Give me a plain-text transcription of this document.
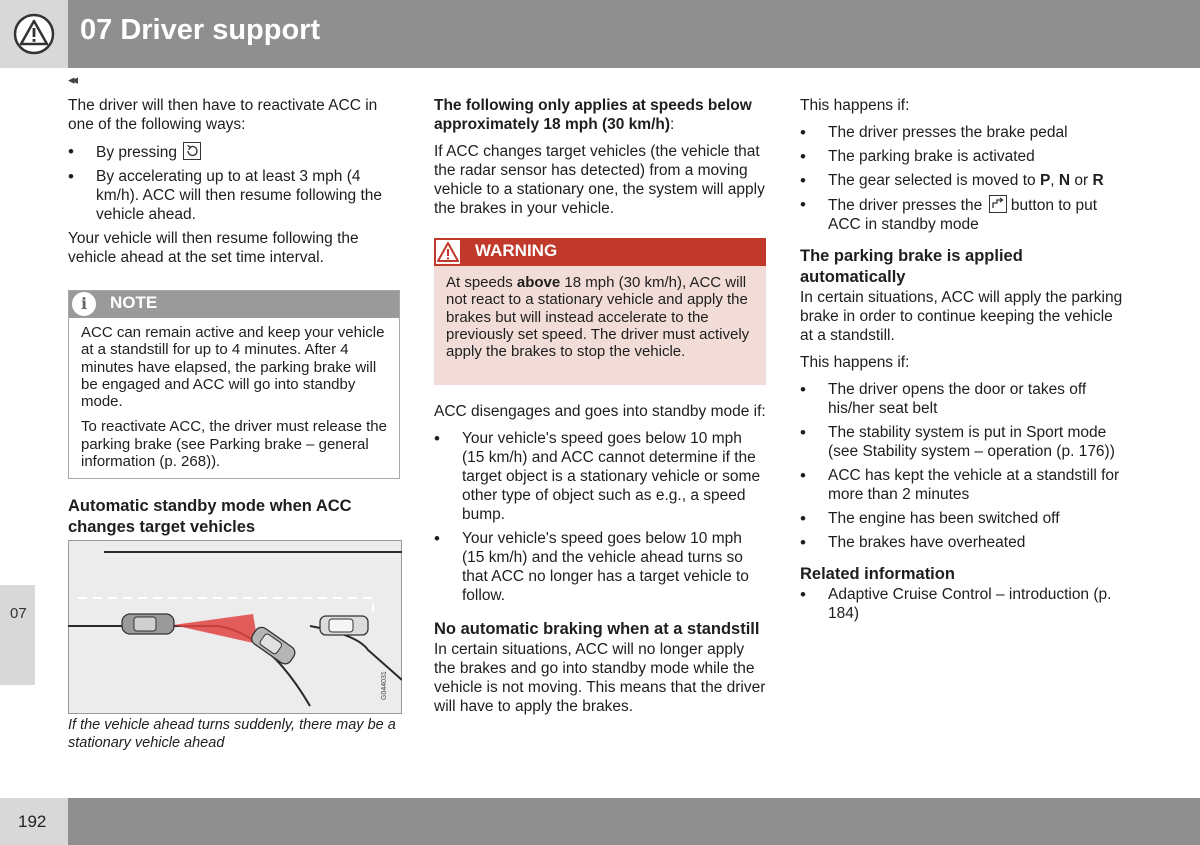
07 Driver support
◂◂
07
192

The driver will then have to reactivate ACC in one of the following ways:

• By pressing
• By accelerating up to at least 3 mph (4 km/h). ACC will then resume following the vehicle ahead.

Your vehicle will then resume following the vehicle ahead at the set time interval.

i	NOTE

ACC can remain active and keep your vehicle at a standstill for up to 4 minutes. After 4 minutes have elapsed, the parking brake will be engaged and ACC will go into standby mode.

To reactivate ACC, the driver must release the parking brake (see Parking brake – general information (p. 268)).

Automatic standby mode when ACC changes target vehicles
G044031
If the vehicle ahead turns suddenly, there may be a stationary vehicle ahead

The following only applies at speeds below approximately 18 mph (30 km/h):

If ACC changes target vehicles (the vehicle that the radar sensor has detected) from a moving vehicle to a stationary one, the system will apply the brakes in your vehicle.

WARNING
At speeds above 18 mph (30 km/h), ACC will not react to a stationary vehicle and apply the brakes but will instead accelerate to the previously set speed. The driver must actively apply the brakes to stop the vehicle.

ACC disengages and goes into standby mode if:

• Your vehicle's speed goes below 10 mph (15 km/h) and ACC cannot determine if the target object is a stationary vehicle or some other type of object such as e.g., a speed bump.
• Your vehicle's speed goes below 10 mph (15 km/h) and the vehicle ahead turns so that ACC no longer has a target vehicle to follow.
No automatic braking when at a standstill

In certain situations, ACC will no longer apply the brakes and go into standby mode while the vehicle is not moving. This means that the driver will have to apply the brakes.

This happens if:

• The driver presses the brake pedal
• The parking brake is activated
• The gear selected is moved to P, N or R
• The driver presses the button to put ACC in standby mode
The parking brake is applied automatically

In certain situations, ACC will apply the parking brake in order to continue keeping the vehicle at a standstill.

This happens if:

• The driver opens the door or takes off his/her seat belt
• The stability system is put in Sport mode (see Stability system – operation (p. 176))
• ACC has kept the vehicle at a standstill for more than 2 minutes
• The engine has been switched off
• The brakes have overheated
Related information
• Adaptive Cruise Control – introduction (p. 184)
